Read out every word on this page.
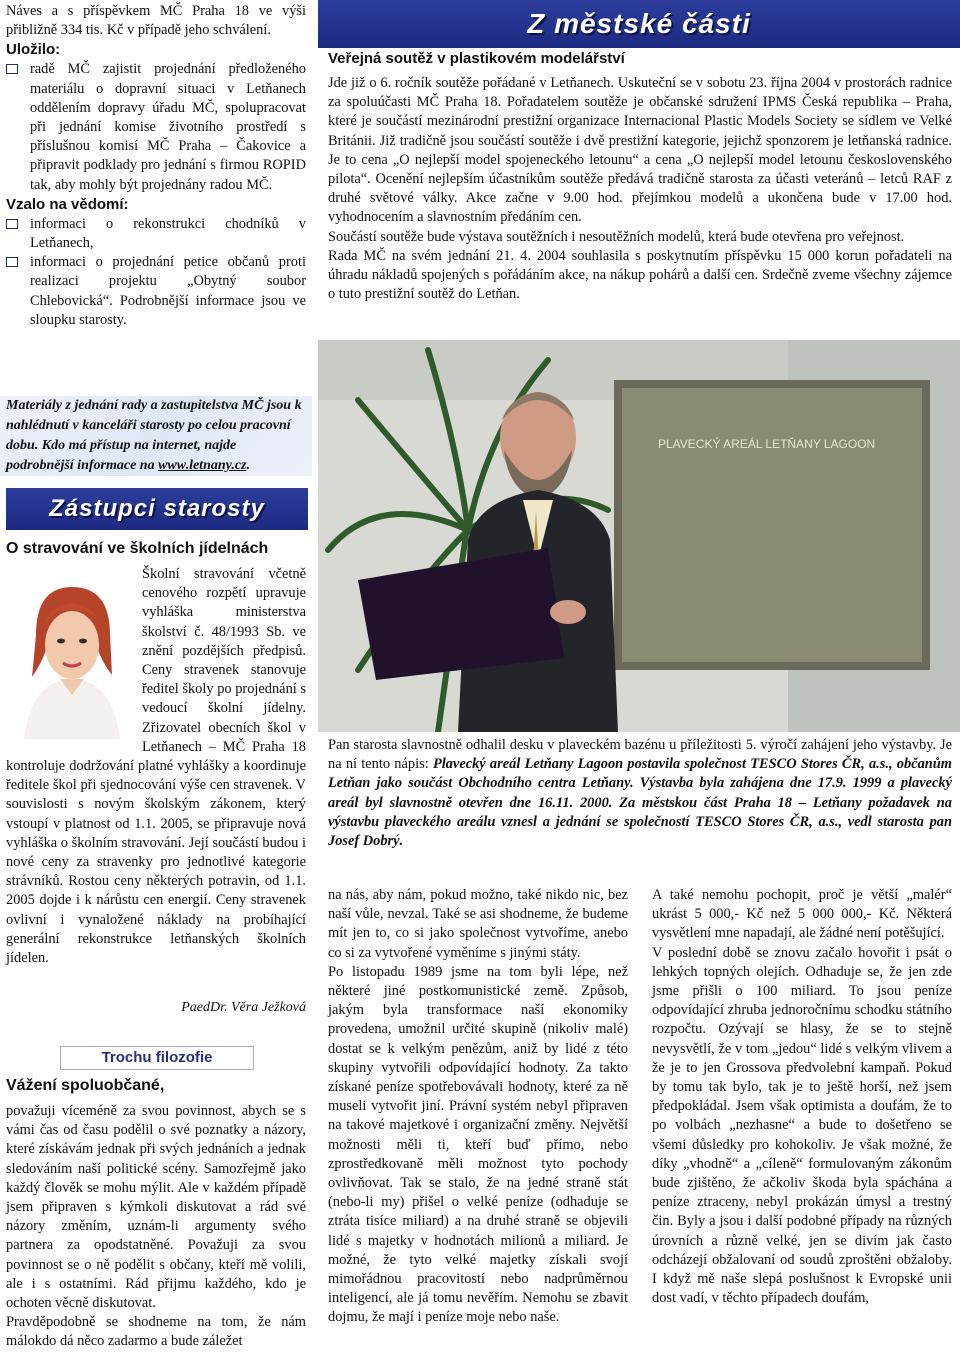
Náves a s příspěvkem MČ Praha 18 ve výši přibližně 334 tis. Kč v případě jeho schválení.

Uložilo:

radě MČ zajistit projednání předloženého materiálu o dopravní situaci v Letňanech oddělením dopravy úřadu MČ, spolupracovat při jednání komise životního prostředí s příslušnou komisí MČ Praha – Čakovice a připravit podklady pro jednání s firmou ROPID tak, aby mohly být projednány radou MČ.

Vzalo na vědomí:

informaci o rekonstrukci chodníků v Letňanech,
informaci o projednání petice občanů proti realizaci projektu „Obytný soubor Chlebovická“. Podrobnější informace jsou ve sloupku starosty.
Materiály z jednání rady a zastupitelstva MČ jsou k nahlédnutí v kanceláři starosty po celou pracovní dobu. Kdo má přístup na internet, najde podrobnější informace na www.letnany.cz.
Zástupci starosty
O stravování ve školních jídelnách
Školní stravování včetně cenového rozpětí upravuje vyhláška ministerstva školství č. 48/1993 Sb. ve znění pozdějších předpisů. Ceny stravenek stanovuje ředitel školy po projednání s vedoucí školní jídelny. Zřizovatel obecních škol v Letňanech – MČ Praha 18 kontroluje dodržování platné vyhlášky a koordinuje ředitele škol při sjednocování výše cen stravenek. V souvislosti s novým školským zákonem, který vstoupí v platnost od 1.1. 2005, se připravuje nová vyhláška o školním stravování. Její součástí budou i nové ceny za stravenky pro jednotlivé kategorie strávníků. Rostou ceny některých potravin, od 1.1. 2005 dojde i k nárůstu cen energií. Ceny stravenek ovlivní i vynaložené náklady na probíhající generální rekonstrukce letňanských školních jídelen.
PaedDr. Věra Ježková
Trochu filozofie
Vážení spoluobčané,

považuji víceméně za svou povinnost, abych se s vámi čas od času podělil o své poznatky a názory, které získávám jednak při svých jednáních a jednak sledováním naší politické scény. Samozřejmě jako každý člověk se mohu mýlit. Ale v každém případě jsem připraven s kýmkoli diskutovat a rád své názory změním, uznám-li argumenty svého partnera za opodstatněné. Považuji za svou povinnost se o ně podělit s občany, kteří mě volili, ale i s ostatními. Rád přijmu každého, kdo je ochoten věcně diskutovat.

Pravděpodobně se shodneme na tom, že nám málokdo dá něco zadarmo a bude záležet

Z městské části
Veřejná soutěž v plastikovém modelářství

Jde již o 6. ročník soutěže pořádané v Letňanech. Uskuteční se v sobotu 23. října 2004 v prostorách radnice za spoluúčasti MČ Praha 18. Pořadatelem soutěže je občanské sdružení IPMS Česká republika – Praha, které je součástí mezinárodní prestižní organizace Internacional Plastic Models Society se sídlem ve Velké Británii. Již tradičně jsou součástí soutěže i dvě prestižní kategorie, jejichž sponzorem je letňanská radnice. Je to cena „O nejlepší model spojeneckého letounu“ a cena „O nejlepší model letounu československého pilota“. Ocenění nejlepším účastníkům soutěže předává tradičně starosta za účasti veteránů – letců RAF z druhé světové války. Akce začne v 9.00 hod. přejímkou modelů a ukončena bude v 17.00 hod. vyhodnocením a slavnostním předáním cen.

Součástí soutěže bude výstava soutěžních i nesoutěžních modelů, která bude otevřena pro veřejnost.

Rada MČ na svém jednání 21. 4. 2004 souhlasila s poskytnutím příspěvku 15 000 korun pořadateli na úhradu nákladů spojených s pořádáním akce, na nákup pohárů a další cen. Srdečně zveme všechny zájemce o tuto prestižní soutěž do Letňan.

PLAVECKÝ AREÁL LETŇANY LAGOON
Pan starosta slavnostně odhalil desku v plaveckém bazénu u příležitosti 5. výročí zahájení jeho výstavby. Je na ní tento nápis: Plavecký areál Letňany Lagoon postavila společnost TESCO Stores ČR, a.s., občanům Letňan jako součást Obchodního centra Letňany. Výstavba byla zahájena dne 17.9. 1999 a plavecký areál byl slavnostně otevřen dne 16.11. 2000. Za městskou část Praha 18 – Letňany požadavek na výstavbu plaveckého areálu vznesl a jednání se společností TESCO Stores ČR, a.s., vedl starosta pan Josef Dobrý.

na nás, aby nám, pokud možno, také nikdo nic, bez naší vůle, nevzal. Také se asi shodneme, že budeme mít jen to, co si jako společnost vytvoříme, anebo co si za vytvořené vyměníme s jinými státy.

Po listopadu 1989 jsme na tom byli lépe, než některé jiné postkomunistické země. Způsob, jakým byla transformace naší ekonomiky provedena, umožnil určité skupině (nikoliv malé) dostat se k velkým penězům, aniž by lidé z této skupiny vytvořili odpovídající hodnoty. Za takto získané peníze spotřebovávali hodnoty, které za ně museli vytvořit jiní. Právní systém nebyl připraven na takové majetkové i organizační změny. Největší možnosti měli ti, kteří buď přímo, nebo zprostředkovaně měli možnost tyto pochody ovlivňovat. Tak se stalo, že na jedné straně stát (nebo-li my) přišel o velké peníze (odhaduje se ztráta tisíce miliard) a na druhé straně se objevili lidé s majetky v hodnotách milionů a miliard. Je možné, že tyto velké majetky získali svojí mimořádnou pracovitostí nebo nadprůměrnou inteligencí, ale já tomu nevěřím. Nemohu se zbavit dojmu, že mají i peníze moje nebo naše.

A také nemohu pochopit, proč je větší „malér“ ukrást 5 000,- Kč než 5 000 000,- Kč. Některá vysvětlení mne napadají, ale žádné není potěšující.

V poslední době se znovu začalo hovořit i psát o lehkých topných olejích. Odhaduje se, že jen zde jsme přišli o 100 miliard. To jsou peníze odpovídající zhruba jednoročnímu schodku státního rozpočtu. Ozývají se hlasy, že se to stejně nevysvětlí, že v tom „jedou“ lidé s velkým vlivem a že je to jen Grossova předvolební kampaň. Pokud by tomu tak bylo, tak je to ještě horší, než jsem předpokládal. Jsem však optimista a doufám, že to po volbách „nezhasne“ a bude to došetřeno se všemi důsledky pro kohokoliv. Je však možné, že díky „vhodně“ a „cíleně“ formulovaným zákonům bude zjištěno, že ačkoliv škoda byla spáchána a peníze ztraceny, nebyl prokázán úmysl a trestný čin. Byly a jsou i další podobné případy na různých úrovních a různě velké, jen se divím jak často odcházejí obžalovaní od soudů zproštěni obžaloby. I když mě naše slepá poslušnost k Evropské unii dost vadí, v těchto případech doufám,
